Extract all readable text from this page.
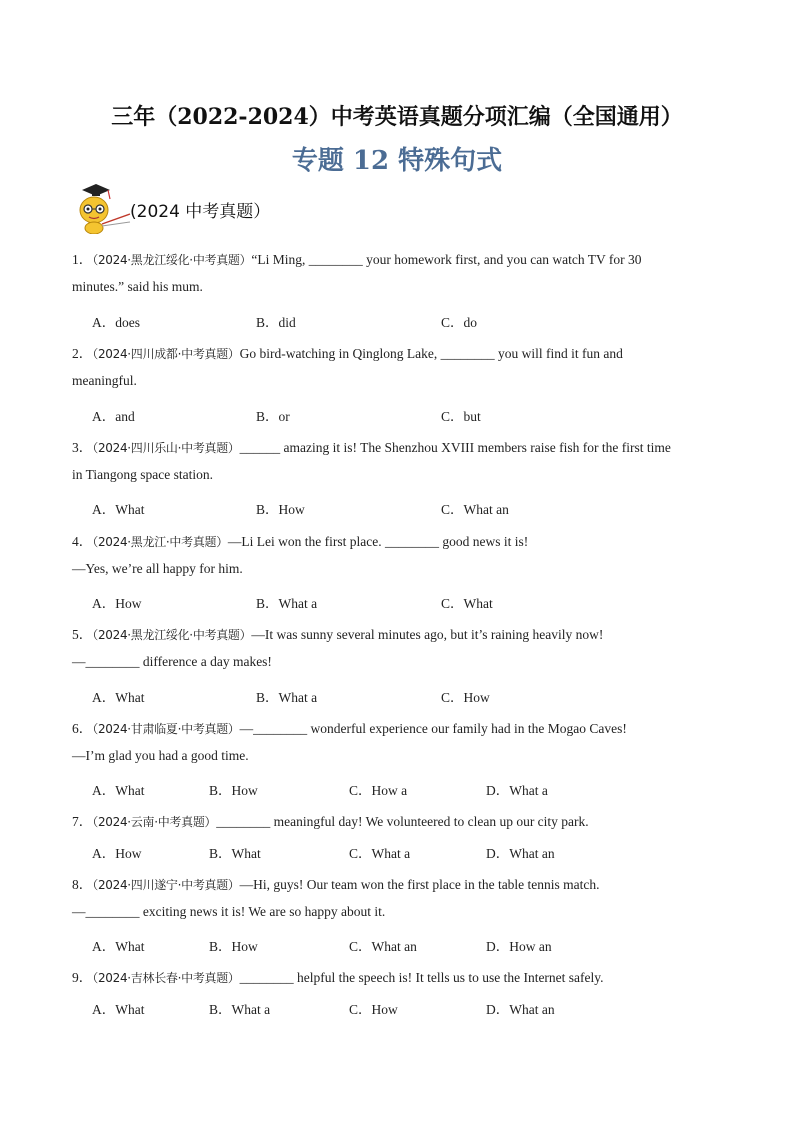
三年（2022-2024）中考英语真题分项汇编（全国通用）
专题 12 特殊句式
(2024 中考真题）
1．（2024·黑龙江绥化·中考真题）“Li Ming, ________ your homework first, and you can watch TV for 30
minutes.” said his mum.
A．does	B．did	C．do
2．（2024·四川成都·中考真题）Go bird-watching in Qinglong Lake, ________ you will find it fun and
meaningful.
A．and	B．or	C．but
3．（2024·四川乐山·中考真题）______ amazing it is! The Shenzhou XVIII members raise fish for the first time
in Tiangong space station.
A．What	B．How	C．What an
4．（2024·黑龙江·中考真题）—Li Lei won the first place. ________ good news it is!
—Yes, we’re all happy for him.
A．How	B．What a	C．What
5．（2024·黑龙江绥化·中考真题）—It was sunny several minutes ago, but it’s raining heavily now!
—________ difference a day makes!
A．What	B．What a	C．How
6．（2024·甘肃临夏·中考真题）—________ wonderful experience our family had in the Mogao Caves!
—I’m glad you had a good time.
A．What	B．How	C．How a	D．What a
7．（2024·云南·中考真题）________ meaningful day! We volunteered to clean up our city park.
A．How	B．What	C．What a	D．What an
8．（2024·四川遂宁·中考真题）—Hi, guys! Our team won the first place in the table tennis match.
—________ exciting news it is! We are so happy about it.
A．What	B．How	C．What an	D．How an
9．（2024·吉林长春·中考真题）________ helpful the speech is! It tells us to use the Internet safely.
A．What	B．What a	C．How	D．What an
